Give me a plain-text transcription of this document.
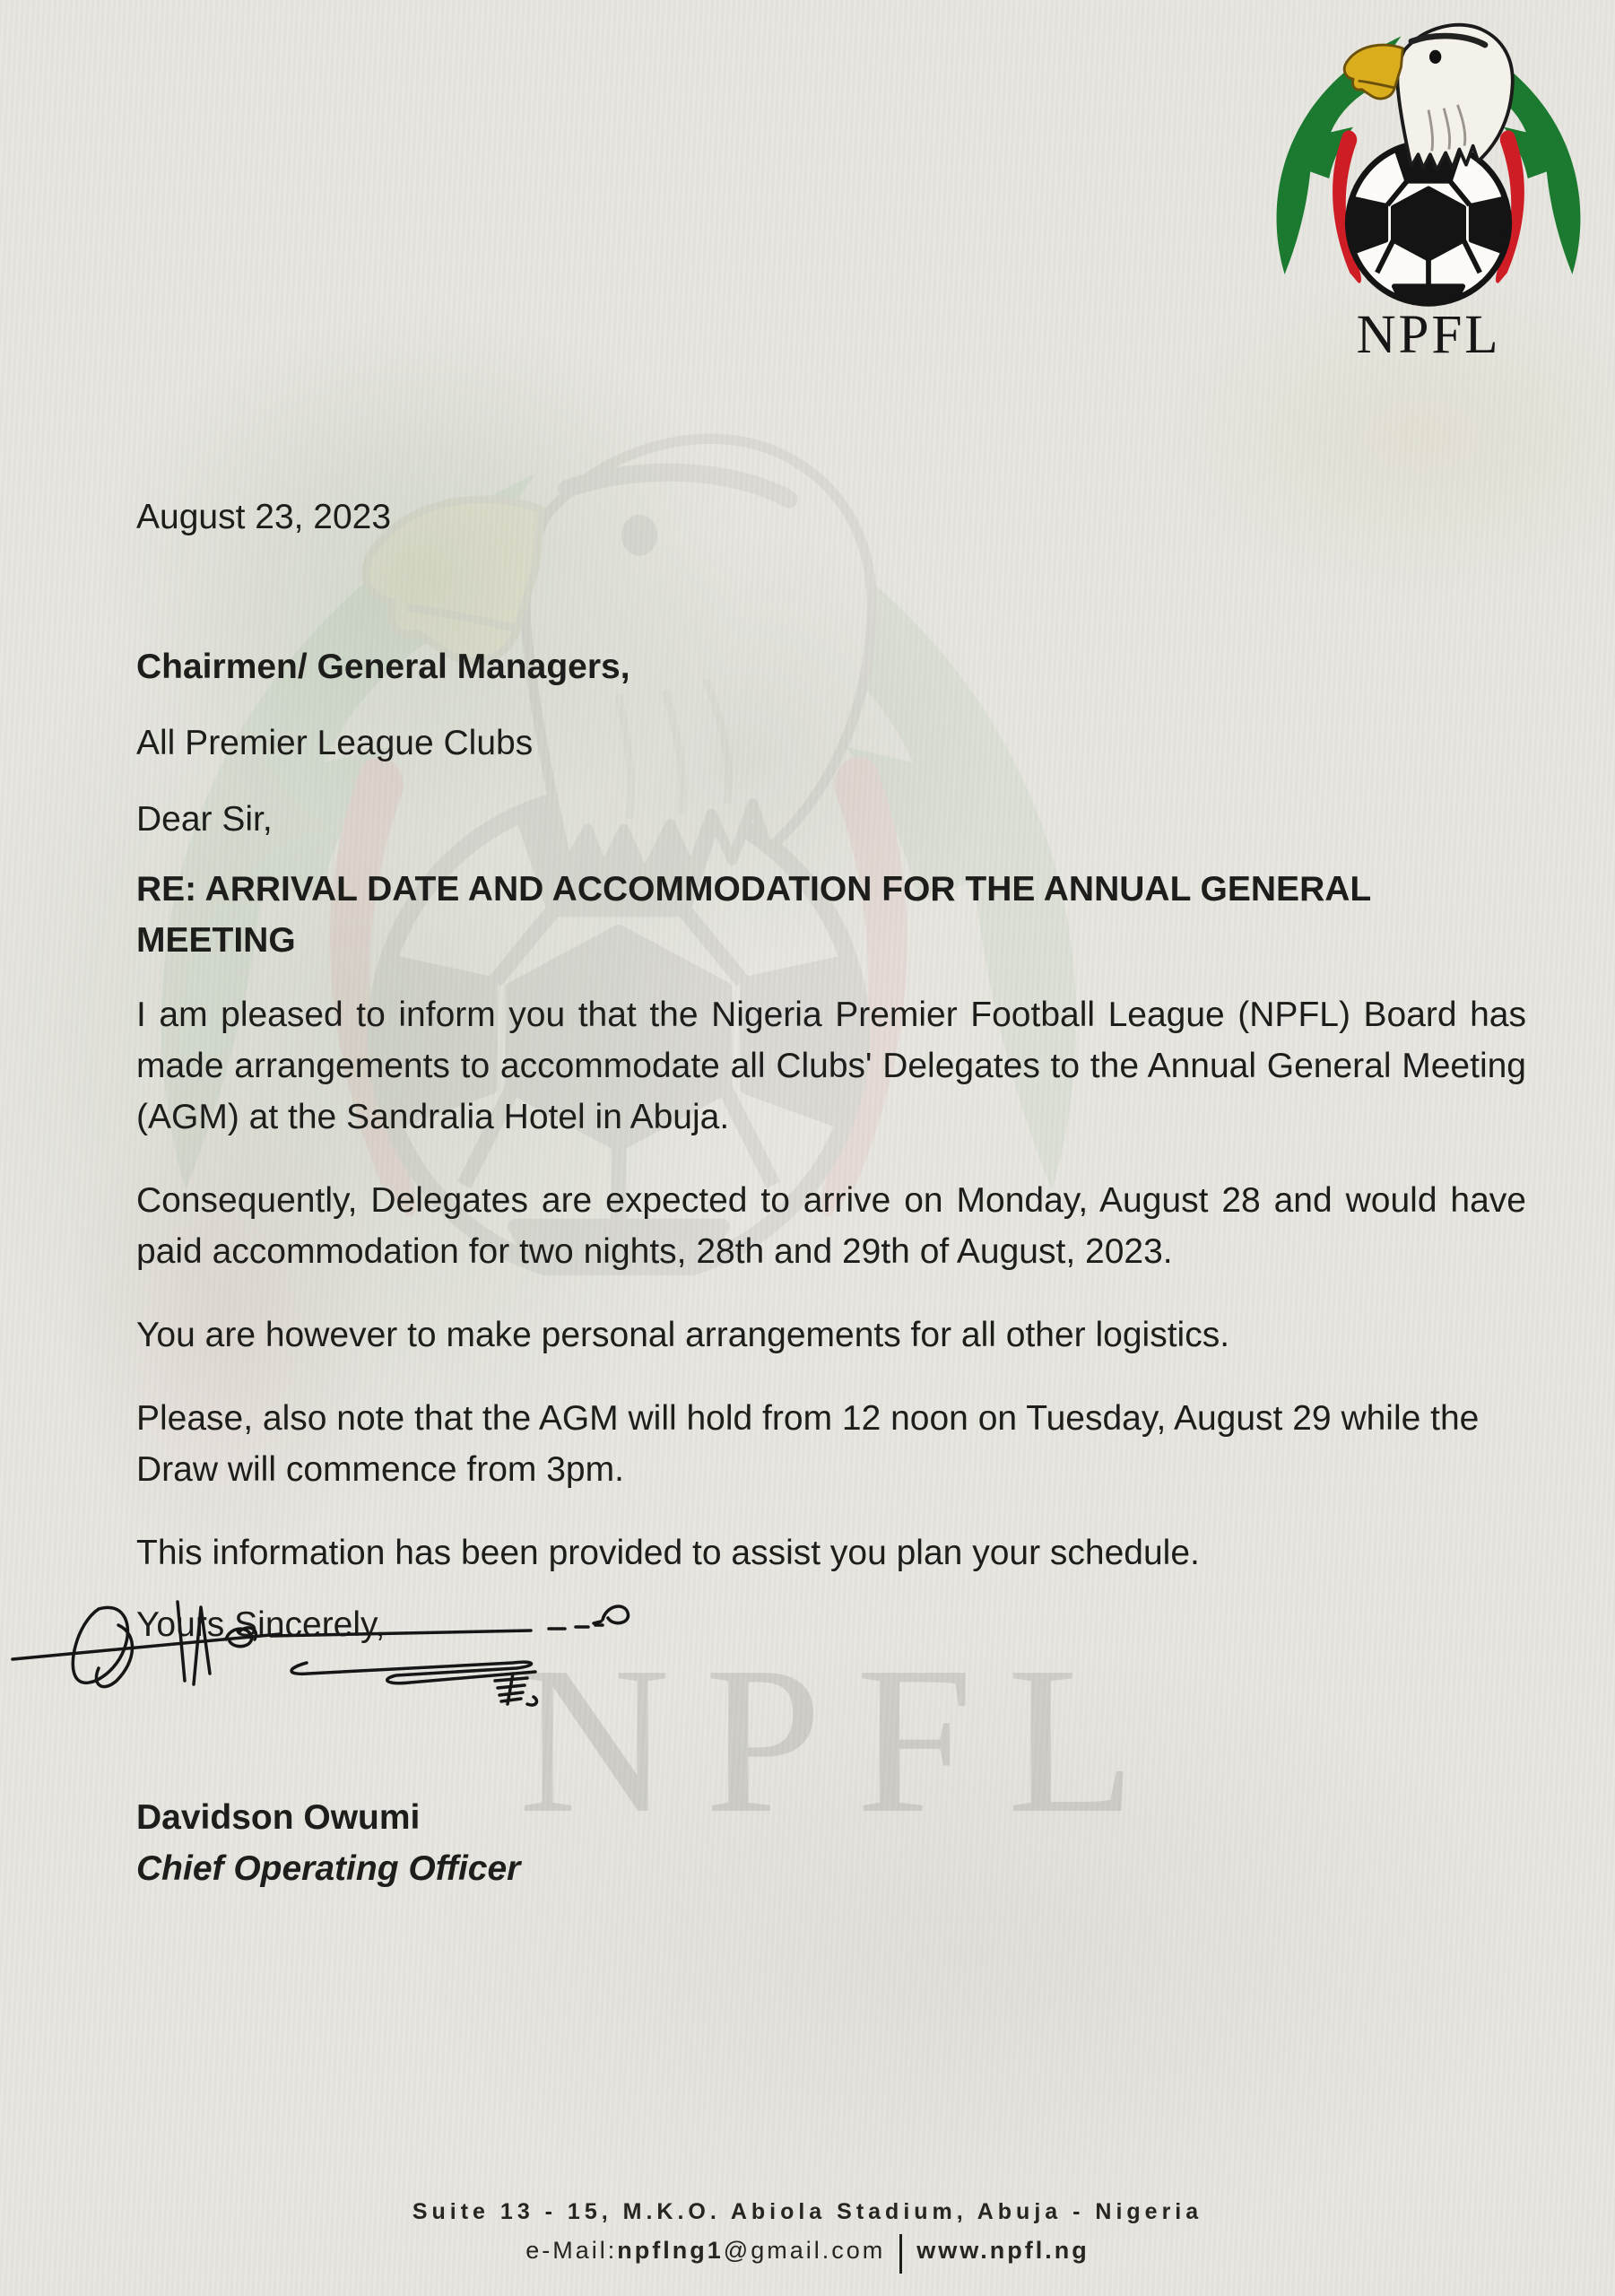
NPFL
NPFL

August 23, 2023

Chairmen/ General Managers,

All Premier League Clubs

Dear Sir,

RE: ARRIVAL DATE AND ACCOMMODATION FOR THE ANNUAL GENERAL MEETING

I am pleased to inform you that the Nigeria Premier Football League (NPFL) Board has made arrangements to accommodate all Clubs' Delegates to the Annual General Meeting (AGM) at the Sandralia Hotel in Abuja.

Consequently, Delegates are expected to arrive on Monday, August 28 and would have paid accommodation for two nights, 28th and 29th of August, 2023.

You are however to make personal arrangements for all other logistics.

Please, also note that the AGM will hold from 12 noon on Tuesday, August 29 while the Draw will commence from 3pm.

This information has been provided to assist you plan your schedule.

Yours Sincerely,

Davidson Owumi

Chief Operating Officer

Suite 13 - 15, M.K.O. Abiola Stadium, Abuja - Nigeria
e-Mail:npflng1@gmail.com www.npfl.ng
